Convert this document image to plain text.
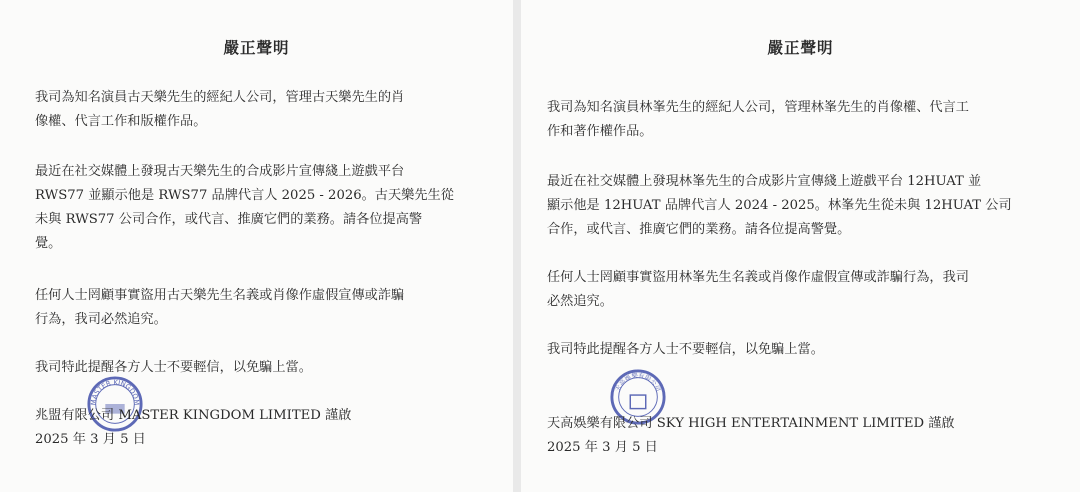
嚴正聲明

我司為知名演員古天樂先生的經紀人公司，管理古天樂先生的肖
像權、代言工作和版權作品。

最近在社交媒體上發現古天樂先生的合成影片宣傳綫上遊戲平台
RWS77 並顯示他是 RWS77 品牌代言人 2025 - 2026。古天樂先生從
未與 RWS77 公司合作，或代言、推廣它們的業務。請各位提高警
覺。

任何人士罔顧事實盜用古天樂先生名義或肖像作虛假宣傳或詐騙
行為，我司必然追究。

我司特此提醒各方人士不要輕信，以免騙上當。

MASTER KINGDOM
兆盟有限公司 MASTER KINGDOM LIMITED 謹啟
2025 年 3 月 5 日
嚴正聲明

我司為知名演員林峯先生的經紀人公司，管理林峯先生的肖像權、代言工
作和著作權作品。

最近在社交媒體上發現林峯先生的合成影片宣傳綫上遊戲平台 12HUAT 並
顯示他是 12HUAT 品牌代言人 2024 - 2025。林峯先生從未與 12HUAT 公司
合作，或代言、推廣它們的業務。請各位提高警覺。

任何人士罔顧事實盜用林峯先生名義或肖像作虛假宣傳或詐騙行為，我司
必然追究。

我司特此提醒各方人士不要輕信，以免騙上當。

天高娛樂有限公司
天高娛樂有限公司 SKY HIGH ENTERTAINMENT LIMITED 謹啟
2025 年 3 月 5 日
